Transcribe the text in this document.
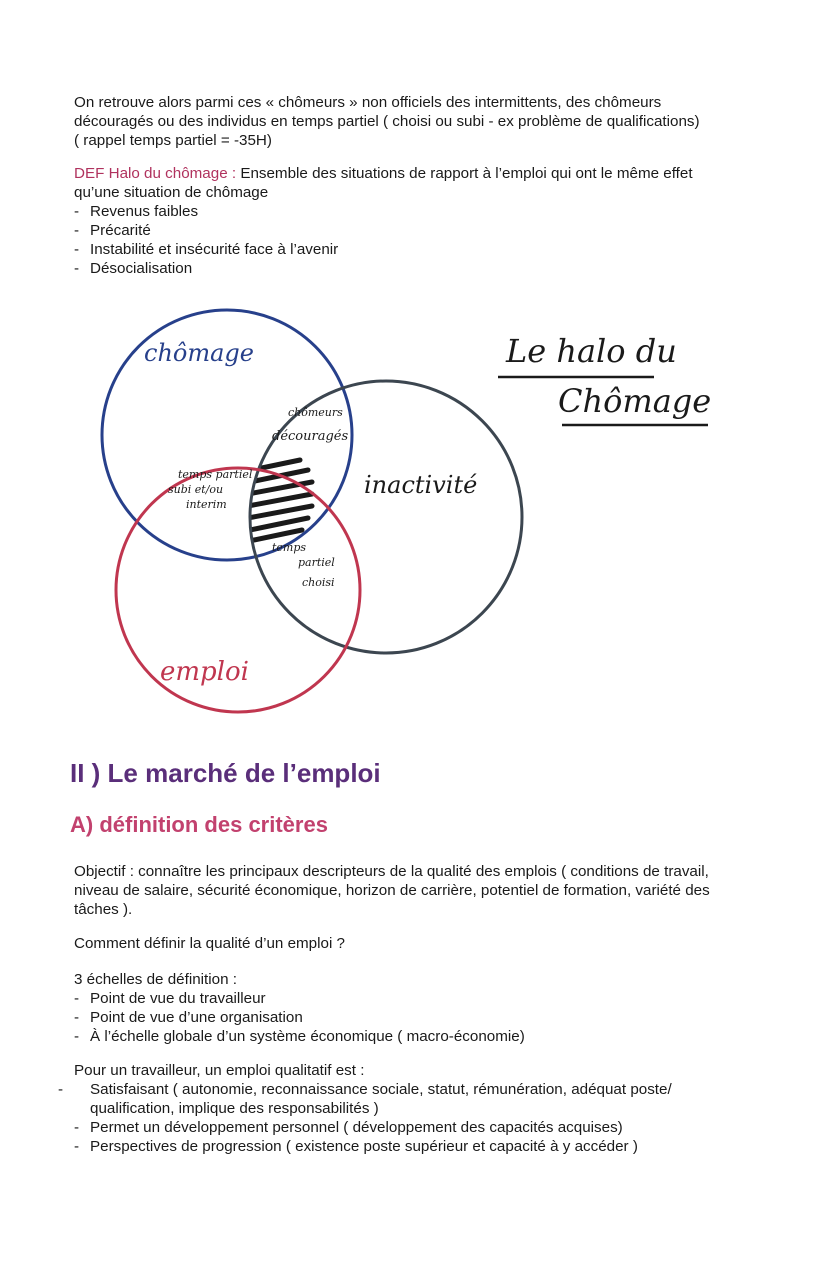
On retrouve alors parmi ces « chômeurs » non officiels des intermittents, des chômeurs
découragés ou des individus en temps partiel ( choisi ou subi - ex problème de qualifications)
( rappel temps partiel = -35H)
DEF Halo du chômage : Ensemble des situations de rapport à l’emploi qui ont le même effet
qu’une situation de chômage
- Revenus faibles
- Précarité
- Instabilité et insécurité face à l’avenir
- Désocialisation
chômage
inactivité
emploi
chômeurs
découragés
temps partiel
subi et/ou
interim
temps
partiel
choisi
Le halo du
Chômage
II ) Le marché de l’emploi
A) définition des critères
Objectif : connaître les principaux descripteurs de la qualité des emplois ( conditions de travail,
niveau de salaire, sécurité économique, horizon de carrière, potentiel de formation, variété des
tâches ).
Comment définir la qualité d’un emploi ?
3 échelles de définition :
- Point de vue du travailleur
- Point de vue d’une organisation
- À l’échelle globale d’un système économique ( macro-économie)
Pour un travailleur, un emploi qualitatif est :
- Satisfaisant ( autonomie, reconnaissance sociale, statut, rémunération, adéquat poste/ qualification, implique des responsabilités )
- Permet un développement personnel ( développement des capacités acquises)
- Perspectives de progression ( existence poste supérieur et capacité à y accéder )
